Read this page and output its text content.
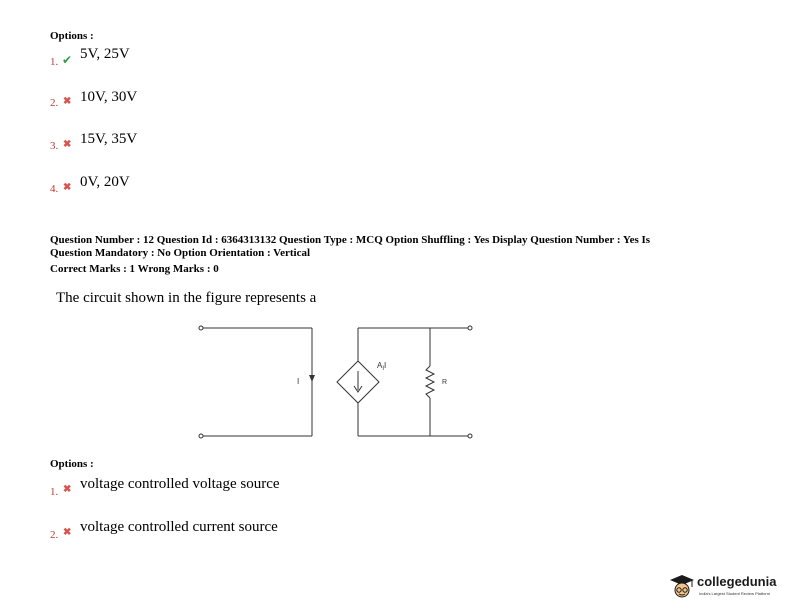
Options :
1. ✔ 5V, 25V
2. ✖ 10V, 30V
3. ✖ 15V, 35V
4. ✖ 0V, 20V
Question Number : 12 Question Id : 6364313132 Question Type : MCQ Option Shuffling : Yes Display Question Number : Yes Is
Question Mandatory : No Option Orientation : Vertical
Correct Marks : 1 Wrong Marks : 0
The circuit shown in the figure represents a
I
$A_II$
R
Options :
1. ✖ voltage controlled voltage source
2. ✖ voltage controlled current source
collegedunia
India's Largest Student Review Platform
